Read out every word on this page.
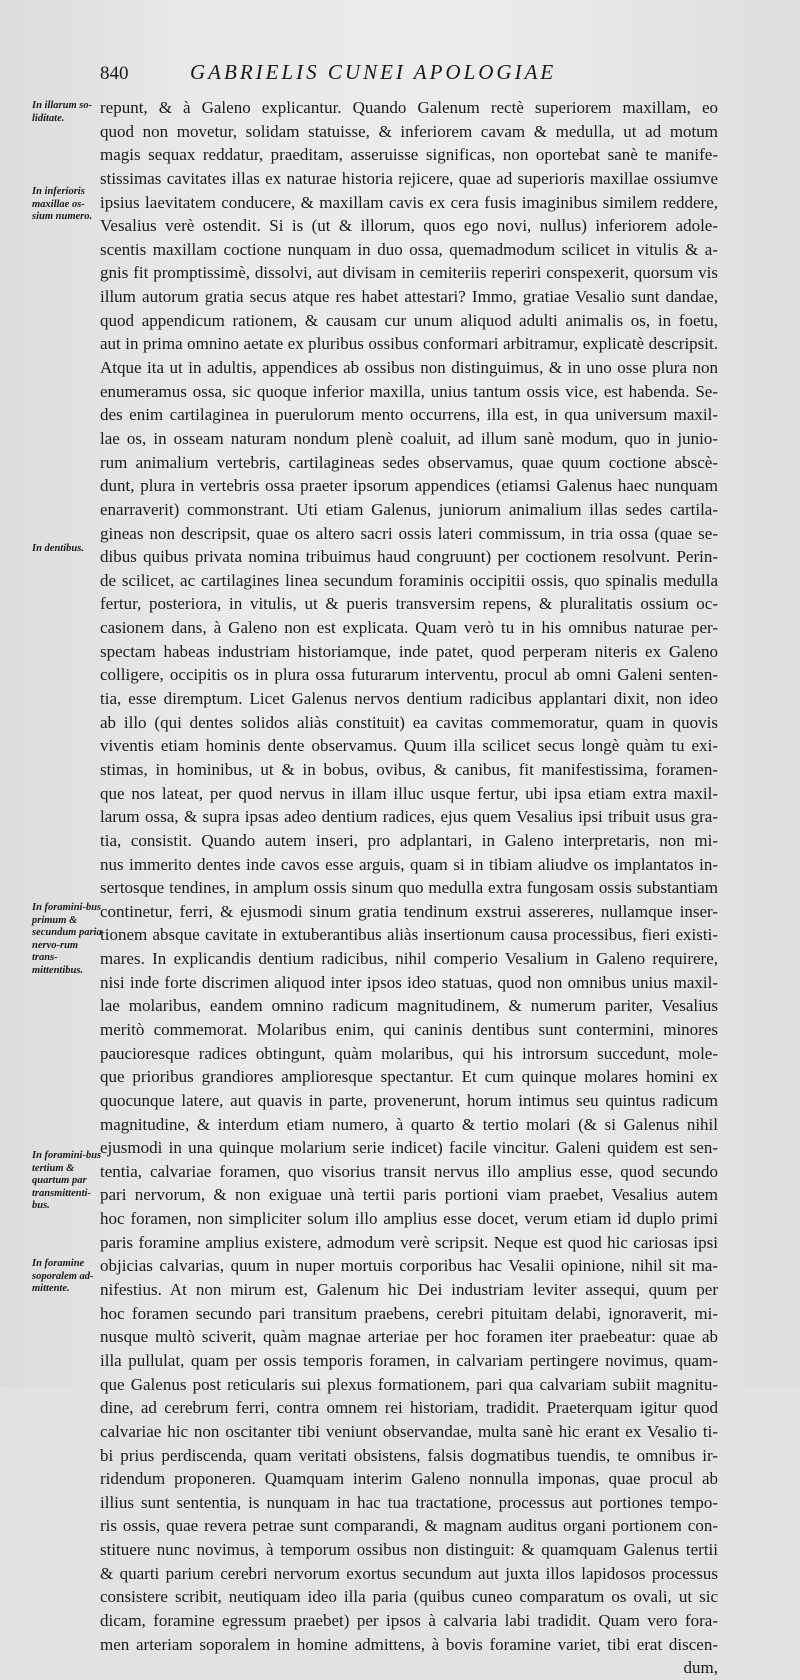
840	GABRIELIS CUNEI APOLOGIAE
In illarum so-liditate.
In inferioris maxillae os-sium numero.
In dentibus.
In foramini-bus primum & secundum paria nervo-rum trans-mittentibus.
In foramini-bus tertium & quartum par transmittenti-bus.
In foramine soporalem ad-mittente.
repunt, & à Galeno explicantur. Quando Galenum rectè superiorem maxillam, eo
quod non movetur, solidam statuisse, & inferiorem cavam & medulla, ut ad motum
magis sequax reddatur, praeditam, asseruisse significas, non oportebat sanè te manife-
stissimas cavitates illas ex naturae historia rejicere, quae ad superioris maxillae ossiumve
ipsius laevitatem conducere, & maxillam cavis ex cera fusis imaginibus similem reddere,
Vesalius verè ostendit. Si is (ut & illorum, quos ego novi, nullus) inferiorem adole-
scentis maxillam coctione nunquam in duo ossa, quemadmodum scilicet in vitulis & a-
gnis fit promptissimè, dissolvi, aut divisam in cemiteriis reperiri conspexerit, quorsum vis
illum autorum gratia secus atque res habet attestari? Immo, gratiae Vesalio sunt dandae,
quod appendicum rationem, & causam cur unum aliquod adulti animalis os, in foetu,
aut in prima omnino aetate ex pluribus ossibus conformari arbitramur, explicatè descripsit.
Atque ita ut in adultis, appendices ab ossibus non distinguimus, & in uno osse plura non
enumeramus ossa, sic quoque inferior maxilla, unius tantum ossis vice, est habenda. Se-
des enim cartilaginea in puerulorum mento occurrens, illa est, in qua universum maxil-
lae os, in osseam naturam nondum plenè coaluit, ad illum sanè modum, quo in junio-
rum animalium vertebris, cartilagineas sedes observamus, quae quum coctione abscè-
dunt, plura in vertebris ossa praeter ipsorum appendices (etiamsi Galenus haec nunquam
enarraverit) commonstrant. Uti etiam Galenus, juniorum animalium illas sedes cartila-
gineas non descripsit, quae os altero sacri ossis lateri commissum, in tria ossa (quae se-
dibus quibus privata nomina tribuimus haud congruunt) per coctionem resolvunt. Perin-
de scilicet, ac cartilagines linea secundum foraminis occipitii ossis, quo spinalis medulla
fertur, posteriora, in vitulis, ut & pueris transversim repens, & pluralitatis ossium oc-
casionem dans, à Galeno non est explicata. Quam verò tu in his omnibus naturae per-
spectam habeas industriam historiamque, inde patet, quod perperam niteris ex Galeno
colligere, occipitis os in plura ossa futurarum interventu, procul ab omni Galeni senten-
tia, esse diremptum. Licet Galenus nervos dentium radicibus applantari dixit, non ideo
ab illo (qui dentes solidos aliàs constituit) ea cavitas commemoratur, quam in quovis
viventis etiam hominis dente observamus. Quum illa scilicet secus longè quàm tu exi-
stimas, in hominibus, ut & in bobus, ovibus, & canibus, fit manifestissima, foramen-
que nos lateat, per quod nervus in illam illuc usque fertur, ubi ipsa etiam extra maxil-
larum ossa, & supra ipsas adeo dentium radices, ejus quem Vesalius ipsi tribuit usus gra-
tia, consistit. Quando autem inseri, pro adplantari, in Galeno interpretaris, non mi-
nus immerito dentes inde cavos esse arguis, quam si in tibiam aliudve os implantatos in-
sertosque tendines, in amplum ossis sinum quo medulla extra fungosam ossis substantiam
continetur, ferri, & ejusmodi sinum gratia tendinum exstrui assereres, nullamque inser-
tionem absque cavitate in extuberantibus aliàs insertionum causa processibus, fieri existi-
mares. In explicandis dentium radicibus, nihil comperio Vesalium in Galeno requirere,
nisi inde forte discrimen aliquod inter ipsos ideo statuas, quod non omnibus unius maxil-
lae molaribus, eandem omnino radicum magnitudinem, & numerum pariter, Vesalius
meritò commemorat. Molaribus enim, qui caninis dentibus sunt contermini, minores
paucioresque radices obtingunt, quàm molaribus, qui his introrsum succedunt, mole-
que prioribus grandiores amplioresque spectantur. Et cum quinque molares homini ex
quocunque latere, aut quavis in parte, provenerunt, horum intimus seu quintus radicum
magnitudine, & interdum etiam numero, à quarto & tertio molari (& si Galenus nihil
ejusmodi in una quinque molarium serie indicet) facile vincitur. Galeni quidem est sen-
tentia, calvariae foramen, quo visorius transit nervus illo amplius esse, quod secundo
pari nervorum, & non exiguae unà tertii paris portioni viam praebet, Vesalius autem
hoc foramen, non simpliciter solum illo amplius esse docet, verum etiam id duplo primi
paris foramine amplius existere, admodum verè scripsit. Neque est quod hic cariosas ipsi
objicias calvarias, quum in nuper mortuis corporibus hac Vesalii opinione, nihil sit ma-
nifestius. At non mirum est, Galenum hic Dei industriam leviter assequi, quum per
hoc foramen secundo pari transitum praebens, cerebri pituitam delabi, ignoraverit, mi-
nusque multò sciverit, quàm magnae arteriae per hoc foramen iter praebeatur: quae ab
illa pullulat, quam per ossis temporis foramen, in calvariam pertingere novimus, quam-
que Galenus post reticularis sui plexus formationem, pari qua calvariam subiit magnitu-
dine, ad cerebrum ferri, contra omnem rei historiam, tradidit. Praeterquam igitur quod
calvariae hic non oscitanter tibi veniunt observandae, multa sanè hic erant ex Vesalio ti-
bi prius perdiscenda, quam veritati obsistens, falsis dogmatibus tuendis, te omnibus ir-
ridendum proponeren. Quamquam interim Galeno nonnulla imponas, quae procul ab
illius sunt sententia, is nunquam in hac tua tractatione, processus aut portiones tempo-
ris ossis, quae revera petrae sunt comparandi, & magnam auditus organi portionem con-
stituere nunc novimus, à temporum ossibus non distinguit: & quamquam Galenus tertii
& quarti parium cerebri nervorum exortus secundum aut juxta illos lapidosos processus
consistere scribit, neutiquam ideo illa paria (quibus cuneo comparatum os ovali, ut sic
dicam, foramine egressum praebet) per ipsos à calvaria labi tradidit. Quam vero fora-
men arteriam soporalem in homine admittens, à bovis foramine variet, tibi erat discen-
dum,
